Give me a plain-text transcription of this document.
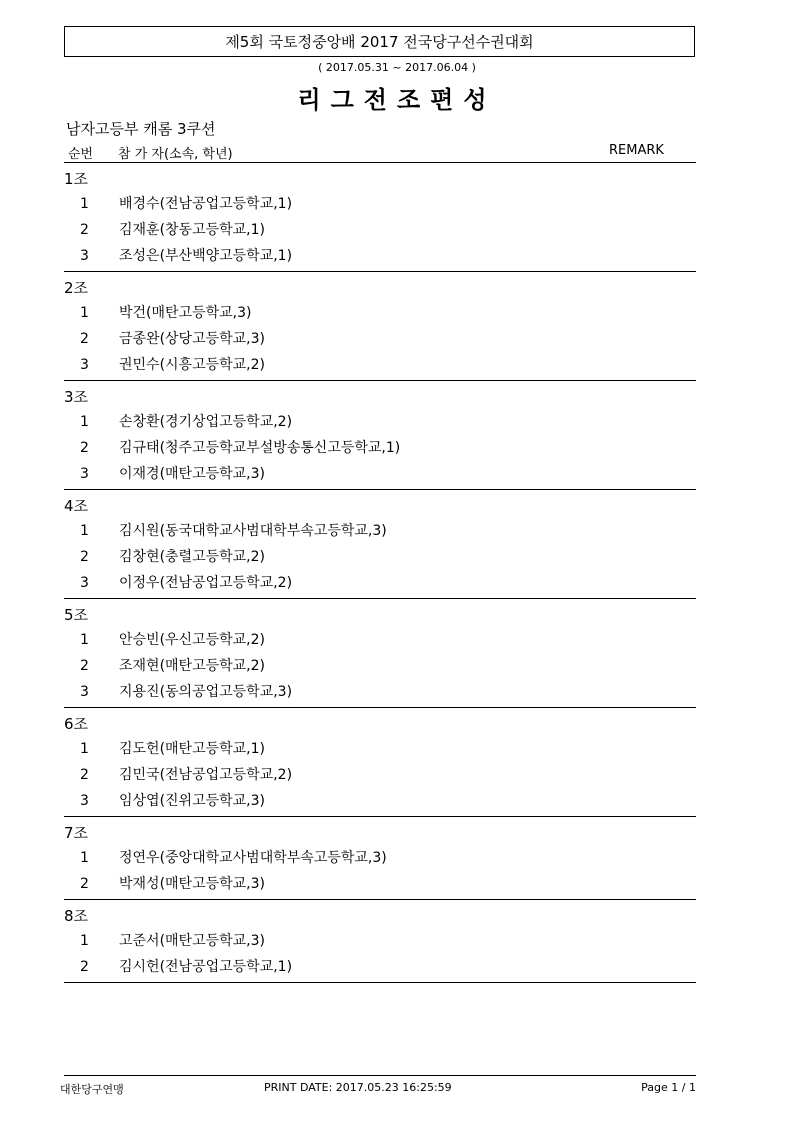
제5회 국토정중앙배 2017 전국당구선수권대회
( 2017.05.31 ~ 2017.06.04 )
리그전조편성
남자고등부 캐롬 3쿠션
순번 참 가 자(소속, 학년)	REMARK
1조
1 배경수(전남공업고등학교,1)
2 김재훈(창동고등학교,1)
3 조성은(부산백양고등학교,1)
2조
1 박건(매탄고등학교,3)
2 금종완(상당고등학교,3)
3 권민수(시흥고등학교,2)
3조
1 손창환(경기상업고등학교,2)
2 김규태(청주고등학교부설방송통신고등학교,1)
3 이재경(매탄고등학교,3)
4조
1 김시원(동국대학교사범대학부속고등학교,3)
2 김창현(충렬고등학교,2)
3 이정우(전남공업고등학교,2)
5조
1 안승빈(우신고등학교,2)
2 조재현(매탄고등학교,2)
3 지용진(동의공업고등학교,3)
6조
1 김도헌(매탄고등학교,1)
2 김민국(전남공업고등학교,2)
3 임상엽(진위고등학교,3)
7조
1 정연우(중앙대학교사범대학부속고등학교,3)
2 박재성(매탄고등학교,3)
8조
1 고준서(매탄고등학교,3)
2 김시헌(전남공업고등학교,1)
대한당구연맹	PRINT DATE: 2017.05.23 16:25:59	Page 1 / 1
